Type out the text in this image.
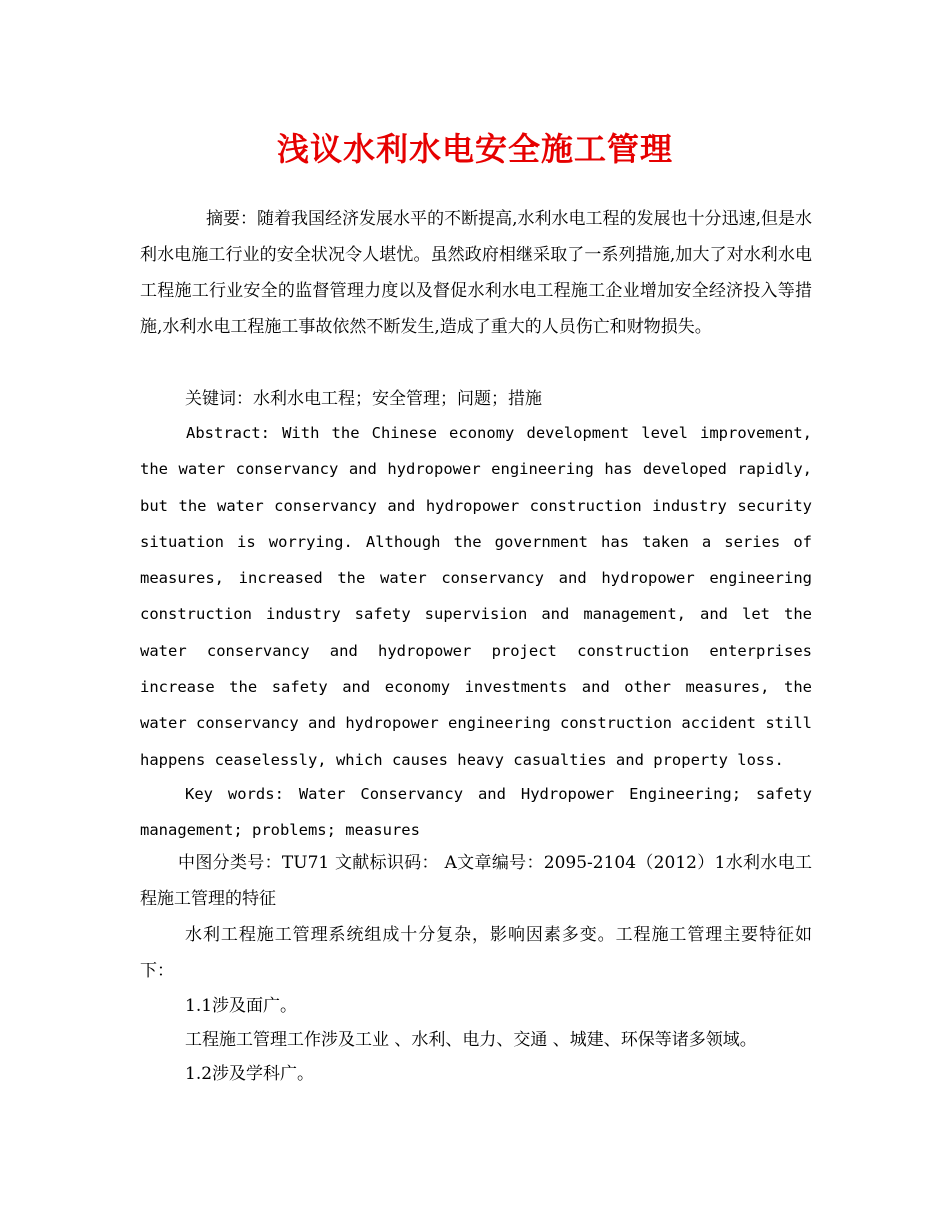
浅议水利水电安全施工管理
摘要：随着我国经济发展水平的不断提高,水利水电工程的发展也十分迅速,但是水利水电施工行业的安全状况令人堪忧。虽然政府相继采取了一系列措施,加大了对水利水电工程施工行业安全的监督管理力度以及督促水利水电工程施工企业增加安全经济投入等措施,水利水电工程施工事故依然不断发生,造成了重大的人员伤亡和财物损失。
关键词：水利水电工程；安全管理；问题；措施
Abstract: With the Chinese economy development level improvement, the water conservancy and hydropower engineering has developed rapidly, but the water conservancy and hydropower construction industry security situation is worrying. Although the government has taken a series of measures, increased the water conservancy and hydropower engineering construction industry safety supervision and management, and let the water conservancy and hydropower project construction enterprises increase the safety and economy investments and other measures, the water conservancy and hydropower engineering construction accident still happens ceaselessly, which causes heavy casualties and property loss.
Key words: Water Conservancy and Hydropower Engineering; safety management; problems; measures
中图分类号：TU71 文献标识码： A文章编号：2095-2104（2012）1水利水电工程施工管理的特征
水利工程施工管理系统组成十分复杂，影响因素多变。工程施工管理主要特征如下：
1.1涉及面广。
工程施工管理工作涉及工业 、水利、电力、交通 、城建、环保等诸多领域。
1.2涉及学科广。
